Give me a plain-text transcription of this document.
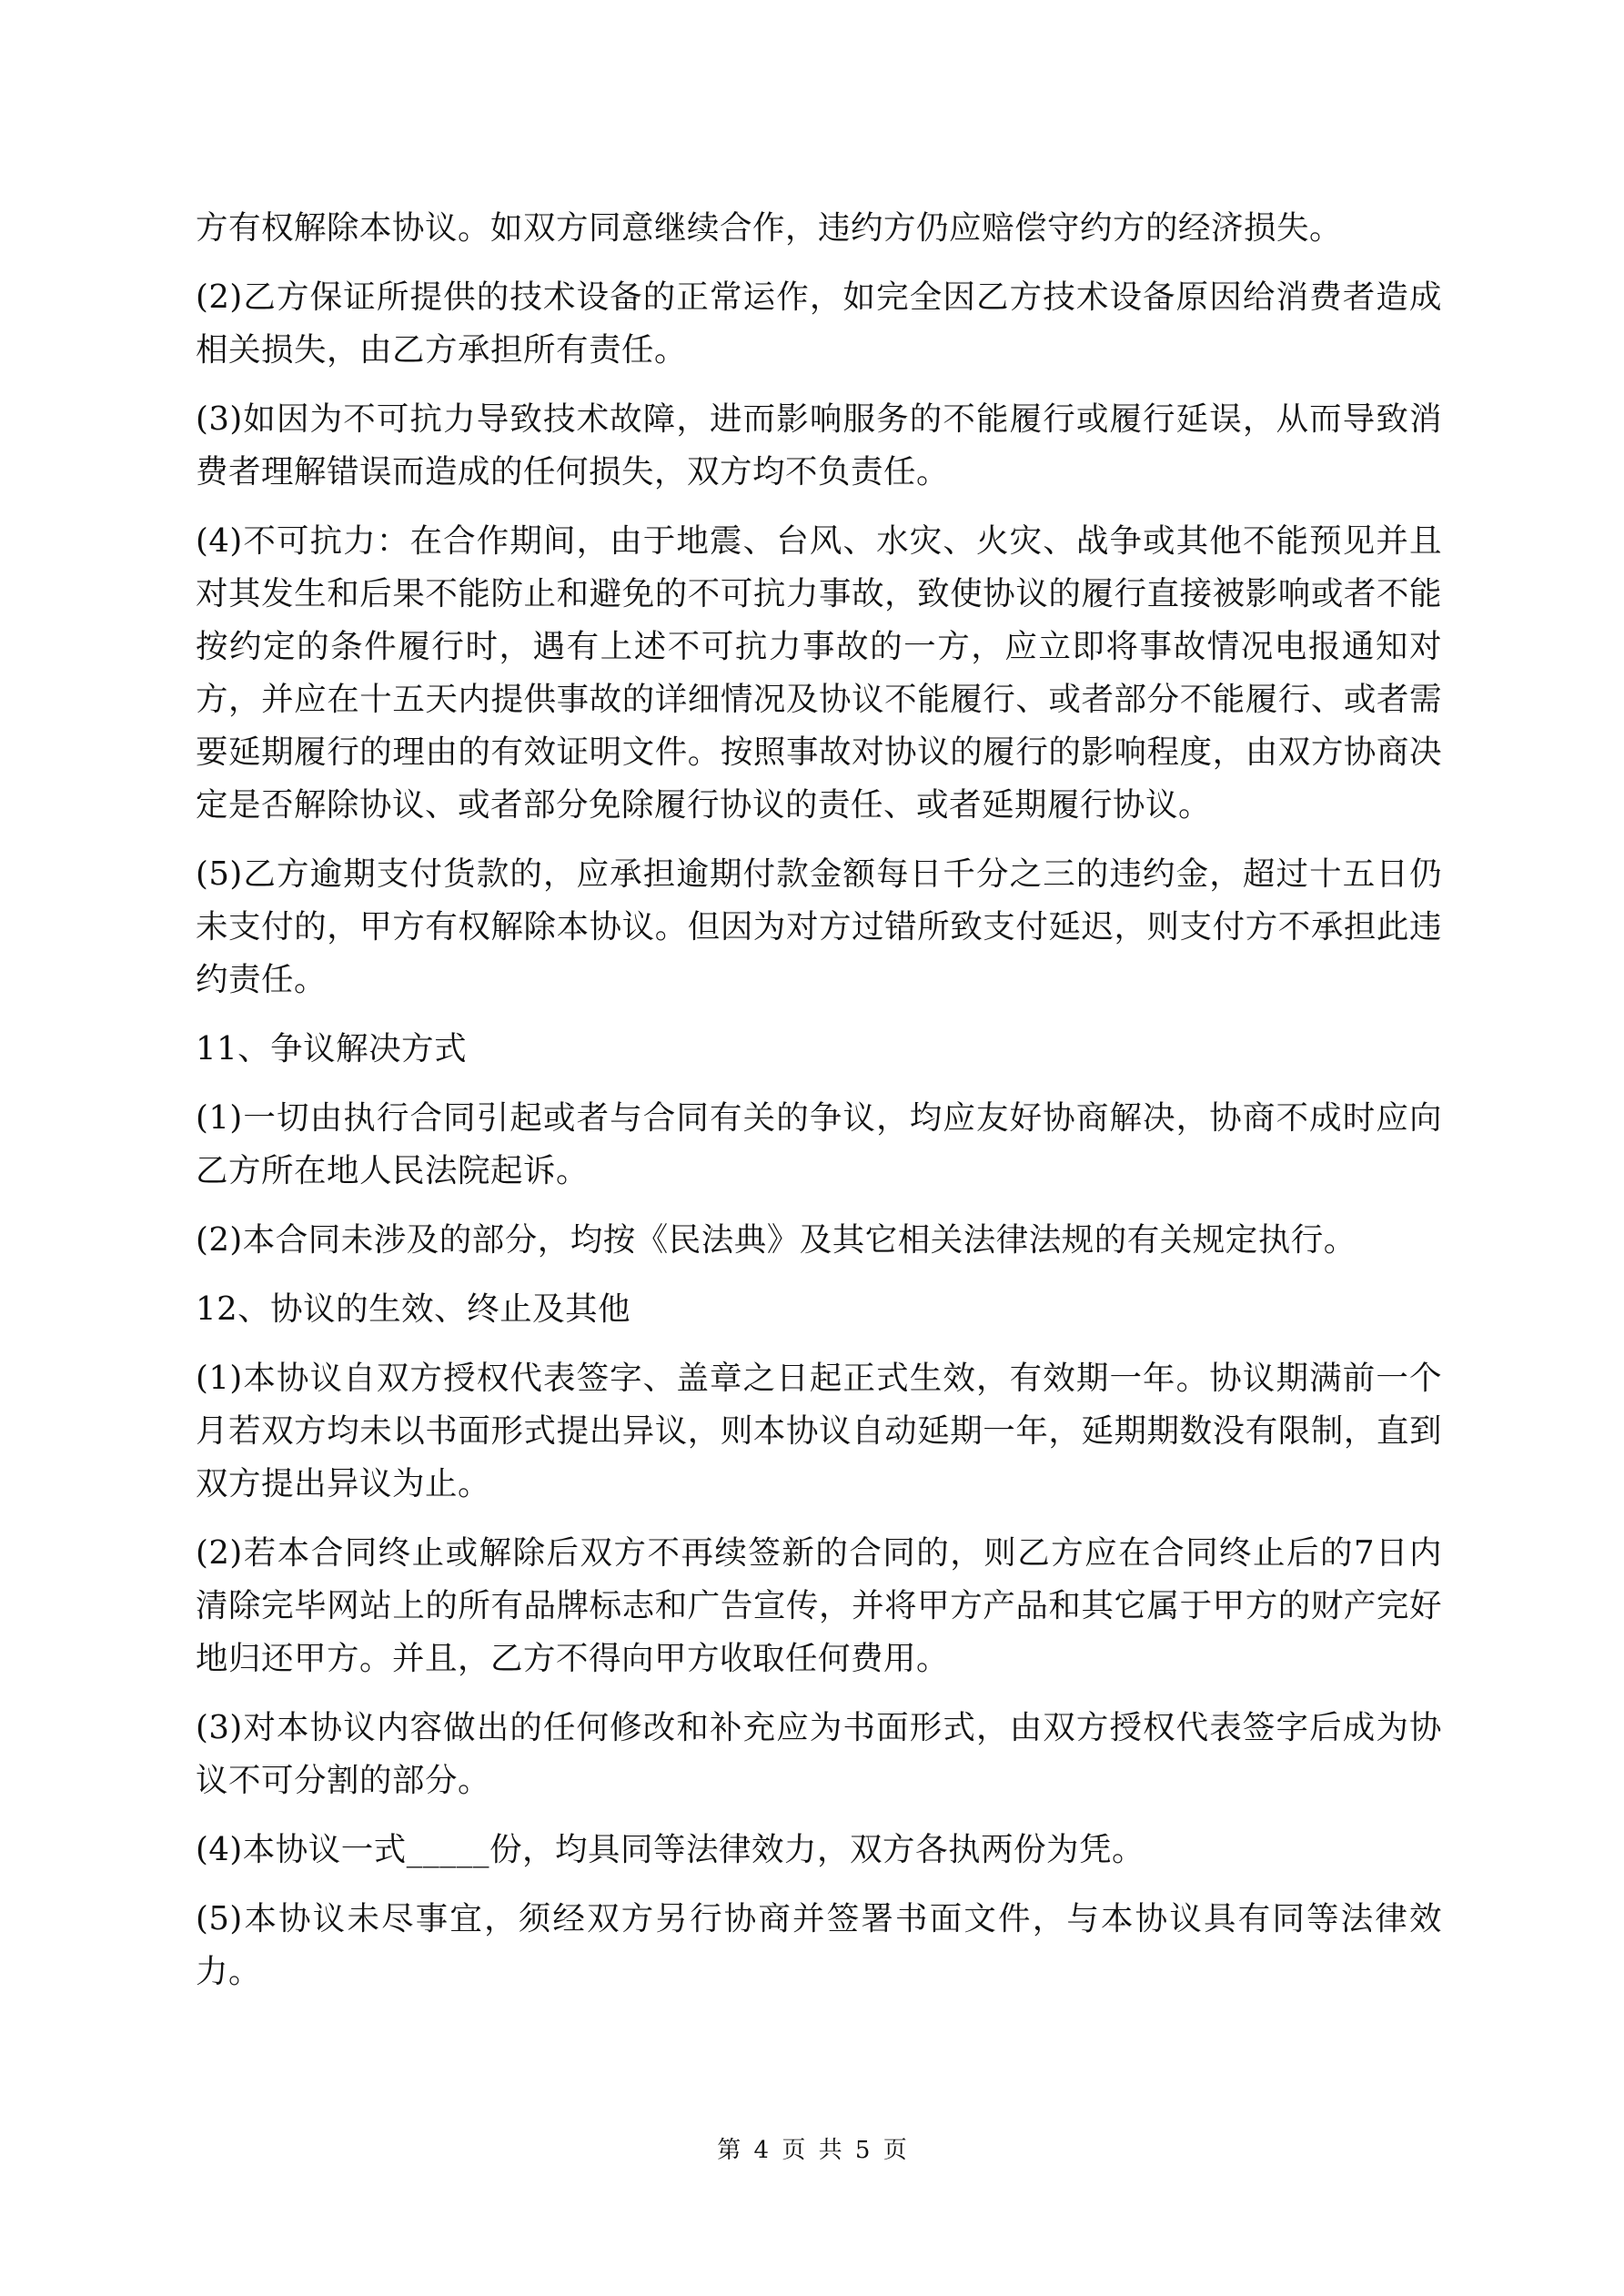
方有权解除本协议。如双方同意继续合作，违约方仍应赔偿守约方的经济损失。

(2)乙方保证所提供的技术设备的正常运作，如完全因乙方技术设备原因给消费者造成相关损失，由乙方承担所有责任。

(3)如因为不可抗力导致技术故障，进而影响服务的不能履行或履行延误，从而导致消费者理解错误而造成的任何损失，双方均不负责任。

(4)不可抗力：在合作期间，由于地震、台风、水灾、火灾、战争或其他不能预见并且对其发生和后果不能防止和避免的不可抗力事故，致使协议的履行直接被影响或者不能按约定的条件履行时，遇有上述不可抗力事故的一方，应立即将事故情况电报通知对方，并应在十五天内提供事故的详细情况及协议不能履行、或者部分不能履行、或者需要延期履行的理由的有效证明文件。按照事故对协议的履行的影响程度，由双方协商决定是否解除协议、或者部分免除履行协议的责任、或者延期履行协议。

(5)乙方逾期支付货款的，应承担逾期付款金额每日千分之三的违约金，超过十五日仍未支付的，甲方有权解除本协议。但因为对方过错所致支付延迟，则支付方不承担此违约责任。

11、争议解决方式

(1)一切由执行合同引起或者与合同有关的争议，均应友好协商解决，协商不成时应向乙方所在地人民法院起诉。

(2)本合同未涉及的部分，均按《民法典》及其它相关法律法规的有关规定执行。

12、协议的生效、终止及其他

(1)本协议自双方授权代表签字、盖章之日起正式生效，有效期一年。协议期满前一个月若双方均未以书面形式提出异议，则本协议自动延期一年，延期期数没有限制，直到双方提出异议为止。

(2)若本合同终止或解除后双方不再续签新的合同的，则乙方应在合同终止后的7日内清除完毕网站上的所有品牌标志和广告宣传，并将甲方产品和其它属于甲方的财产完好地归还甲方。并且，乙方不得向甲方收取任何费用。

(3)对本协议内容做出的任何修改和补充应为书面形式，由双方授权代表签字后成为协议不可分割的部分。

(4)本协议一式_____份，均具同等法律效力，双方各执两份为凭。

(5)本协议未尽事宜，须经双方另行协商并签署书面文件，与本协议具有同等法律效力。

第 4 页 共 5 页
